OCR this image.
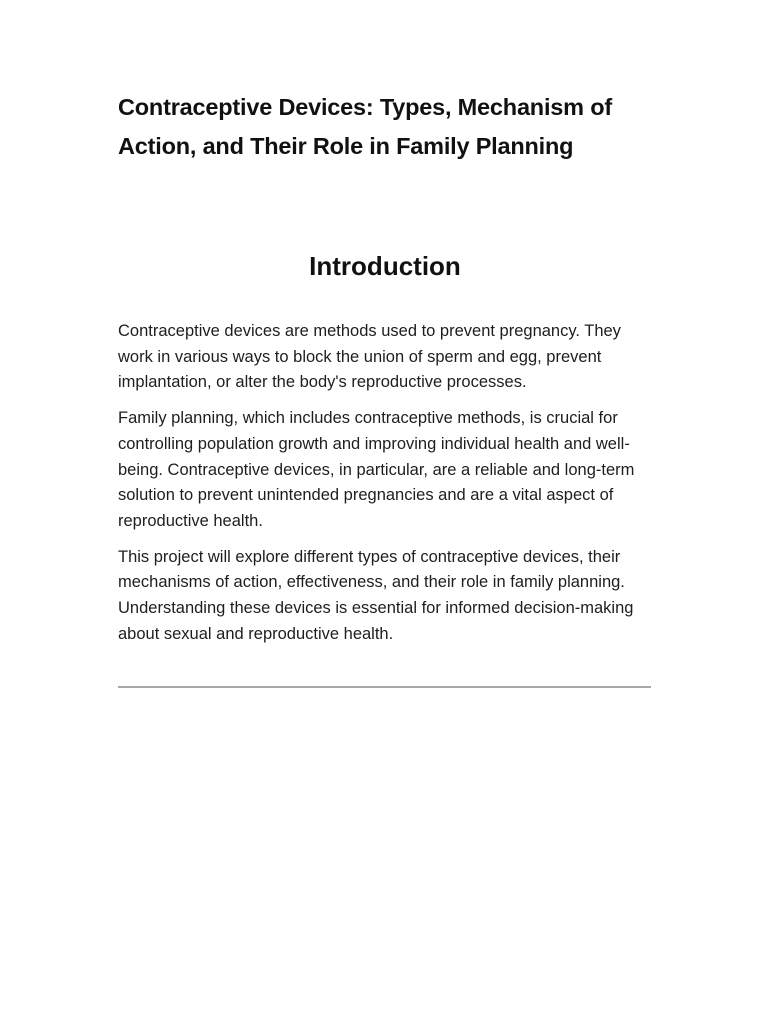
Contraceptive Devices: Types, Mechanism of Action, and Their Role in Family Planning
Introduction

Contraceptive devices are methods used to prevent pregnancy. They work in various ways to block the union of sperm and egg, prevent implantation, or alter the body's reproductive processes.

Family planning, which includes contraceptive methods, is crucial for controlling population growth and improving individual health and well-being. Contraceptive devices, in particular, are a reliable and long-term solution to prevent unintended pregnancies and are a vital aspect of reproductive health.

This project will explore different types of contraceptive devices, their mechanisms of action, effectiveness, and their role in family planning. Understanding these devices is essential for informed decision-making about sexual and reproductive health.
